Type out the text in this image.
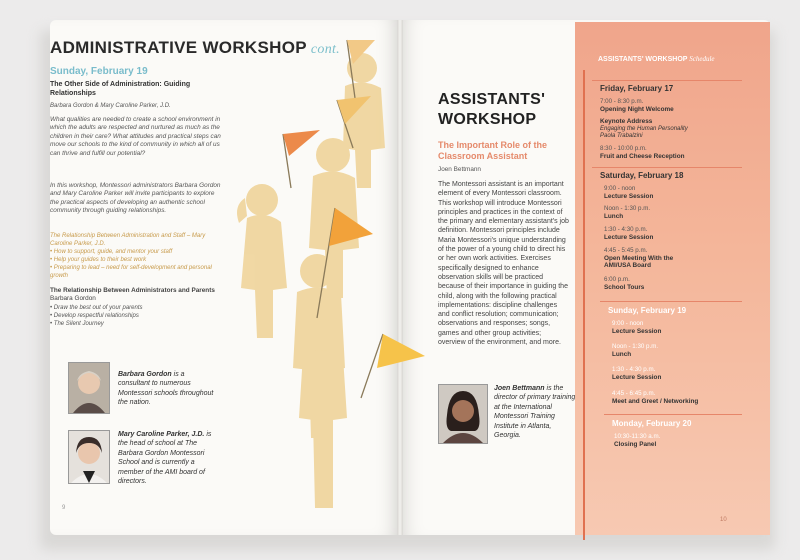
ADMINISTRATIVE WORKSHOP cont.
Sunday, February 19
The Other Side of Administration: Guiding Relationships
Barbara Gordon & Mary Caroline Parker, J.D.
What qualities are needed to create a school environment in which the adults are respected and nurtured as much as the children in their care? What attitudes and practical steps can move our schools to the kind of community in which all of us can thrive and fulfill our potential?
In this workshop, Montessori administrators Barbara Gordon and Mary Caroline Parker will invite participants to explore the practical aspects of developing an authentic school community through guiding relationships.
The Relationship Between Administration and Staff – Mary Caroline Parker, J.D.
• How to support, guide, and mentor your staff
• Help your guides to their best work
• Preparing to lead – need for self-development and personal growth
The Relationship Between Administrators and Parents Barbara Gordon
• Draw the best out of your parents
• Develop respectful relationships
• The Silent Journey
Barbara Gordon is a consultant to numerous Montessori schools throughout the nation.
Mary Caroline Parker, J.D. is the head of school at The Barbara Gordon Montessori School and is currently a member of the AMI board of directors.
9
ASSISTANTS'
WORKSHOP
The Important Role of the Classroom Assistant
Joen Bettmann
The Montessori assistant is an important element of every Montessori classroom. This workshop will introduce Montessori principles and practices in the context of the primary and elementary assistant's job definition. Montessori principles include Maria Montessori's unique understanding of the power of a young child to direct his or her own work activities. Exercises specifically designed to enhance observation skills will be practiced because of their importance in guiding the child, along with the following practical implementations: discipline challenges and conflict resolution; communication; observations and responses; songs, games and other group activities; overview of the environment, and more.
Joen Bettmann is the director of primary training at the International Montessori Training Institute in Atlanta, Georgia.
ASSISTANTS' WORKSHOP Schedule
Friday, February 17
7:00 - 8:30 p.m.
Opening Night Welcome
Keynote Address
Engaging the Human Personality
Paola Trabalzini
8:30 - 10:00 p.m.
Fruit and Cheese Reception
Saturday, February 18
9:00 - noon
Lecture Session
Noon - 1:30 p.m.
Lunch
1:30 - 4:30 p.m.
Lecture Session
4:45 - 5:45 p.m.
Open Meeting With the AMI/USA Board
6:00 p.m.
School Tours
Sunday, February 19
9:00 - noon
Lecture Session
Noon - 1:30 p.m.
Lunch
1:30 - 4:30 p.m.
Lecture Session
4:45 - 6:45 p.m.
Meet and Greet / Networking
Monday, February 20
10:30-11:30 a.m.
Closing Panel
10
